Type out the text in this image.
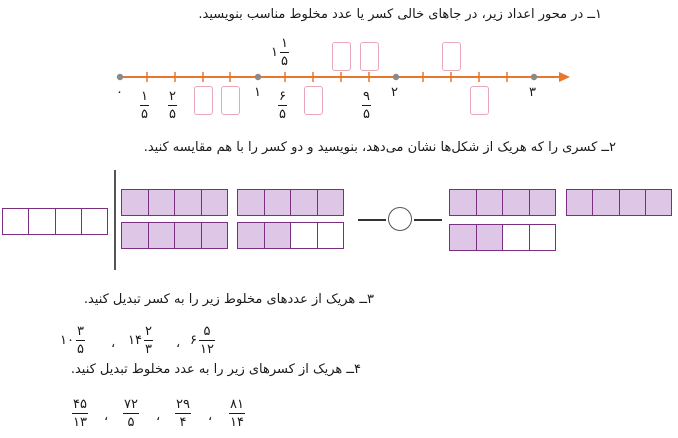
۱ــ در محور اعداد زیر، در جاهای خالی کسر یا عدد مخلوط مناسب بنویسید.
۱ $\frac{۱}{۵}$
۰	۱	۲	۳
۱
۵
۲
۵
۶
۵
۹
۵
۲ــ کسری را که هریک از شکل‌ها نشان می‌دهد، بنویسید و دو کسر را با هم مقایسه کنید.
۳ــ هریک از عددهای مخلوط زیر را به کسر تبدیل کنید.
۱۰ $\frac{۳}{۵}$ ، ۱۴ $\frac{۲}{۳}$ ، ۶ $\frac{۵}{۱۲}$
۴ــ هریک از کسرهای زیر را به عدد مخلوط تبدیل کنید.
۴۵
۱۳ ،
۷۲
۵ ،
۲۹
۴ ،
۸۱
۱۴
